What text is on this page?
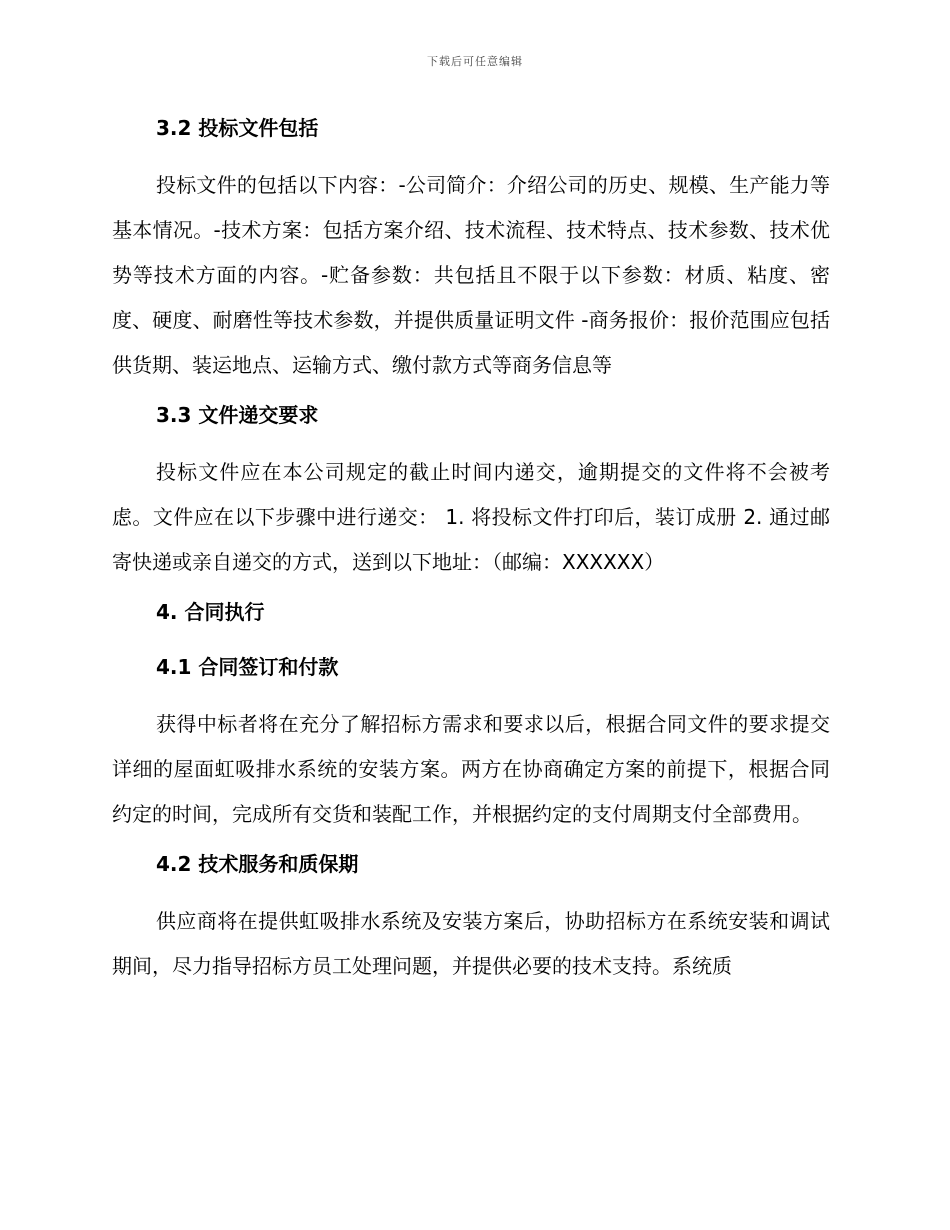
下载后可任意编辑
3.2 投标文件包括

投标文件的包括以下内容：-公司简介：介绍公司的历史、规模、生产能力等基本情况。-技术方案：包括方案介绍、技术流程、技术特点、技术参数、技术优势等技术方面的内容。-贮备参数：共包括且不限于以下参数：材质、粘度、密度、硬度、耐磨性等技术参数，并提供质量证明文件 -商务报价：报价范围应包括供货期、装运地点、运输方式、缴付款方式等商务信息等

3.3 文件递交要求

投标文件应在本公司规定的截止时间内递交，逾期提交的文件将不会被考虑。文件应在以下步骤中进行递交： 1. 将投标文件打印后，装订成册 2. 通过邮寄快递或亲自递交的方式，送到以下地址：（邮编：XXXXXX）

4. 合同执行
4.1 合同签订和付款

获得中标者将在充分了解招标方需求和要求以后，根据合同文件的要求提交详细的屋面虹吸排水系统的安装方案。两方在协商确定方案的前提下，根据合同约定的时间，完成所有交货和装配工作，并根据约定的支付周期支付全部费用。

4.2 技术服务和质保期

供应商将在提供虹吸排水系统及安装方案后，协助招标方在系统安装和调试期间，尽力指导招标方员工处理问题，并提供必要的技术支持。系统质
